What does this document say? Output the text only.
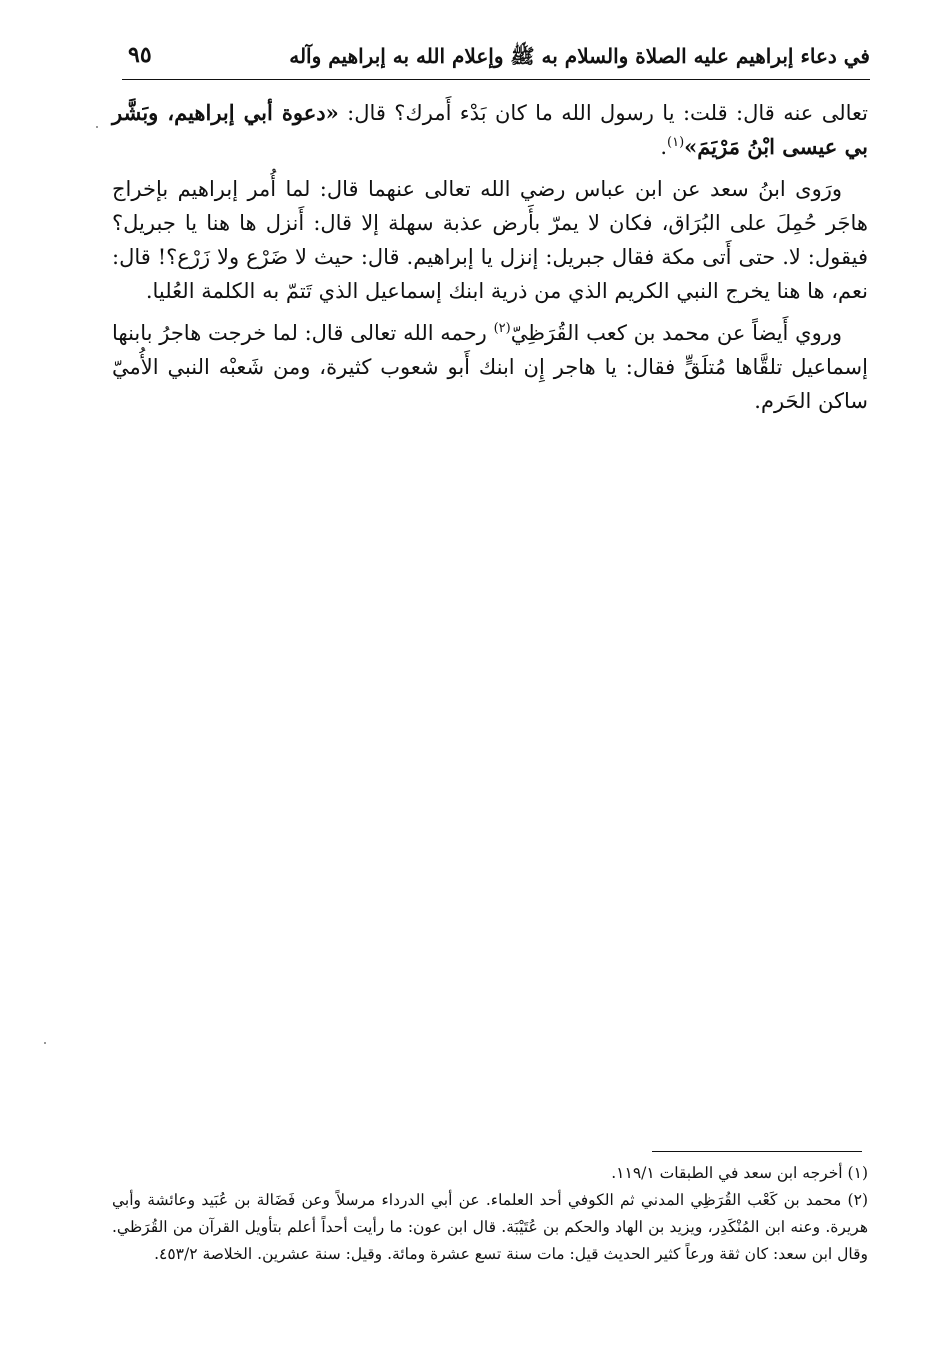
في دعاء إبراهيم عليه الصلاة والسلام به ﷺ وإعلام الله به إبراهيم وآله
٩٥

تعالى عنه قال: قلت: يا رسول الله ما كان بَدْء أَمرك؟ قال: «دعوة أبي إبراهيم، وبَشَّر بي عيسى ابْنُ مَرْيَمَ»$^{(١)}$.

ورَوى ابنُ سعد عن ابن عباس رضي الله تعالى عنهما قال: لما أُمر إبراهيم بإخراج هاجَر حُمِلَ على البُرَاق، فكان لا يمرّ بأَرض عذبة سهلة إلا قال: أَنزل ها هنا يا جبريل؟ فيقول: لا. حتى أَتى مكة فقال جبريل: إنزل يا إبراهيم. قال: حيث لا ضَرْع ولا زَرْع؟! قال: نعم، ها هنا يخرج النبي الكريم الذي من ذرية ابنك إسماعيل الذي تَتمّ به الكلمة العُليا.

وروي أَيضاً عن محمد بن كعب القُرَظِيّ$^{(٢)}$ رحمه الله تعالى قال: لما خرجت هاجرُ بابنها إسماعيل تلقَّاها مُتلَقٍّ فقال: يا هاجر إِن ابنك أَبو شعوب كثيرة، ومن شَعبْه النبي الأُميّ ساكن الحَرم.

(١) أخرجه ابن سعد في الطبقات ١١٩/١.

(٢) محمد بن كَعْب القُرَظِي المدني ثم الكوفي أحد العلماء. عن أبي الدرداء مرسلاً وعن فَضَالة بن عُبَيد وعائشة وأبي هريرة. وعنه ابن المُنْكَدِر، ويزيد بن الهاد والحكم بن عُتَيْبَة. قال ابن عون: ما رأيت أحداً أعلم بتأويل القرآن من القُرَظي. وقال ابن سعد: كان ثقة ورعاً كثير الحديث قيل: مات سنة تسع عشرة ومائة. وقيل: سنة عشرين. الخلاصة ٤٥٣/٢.
